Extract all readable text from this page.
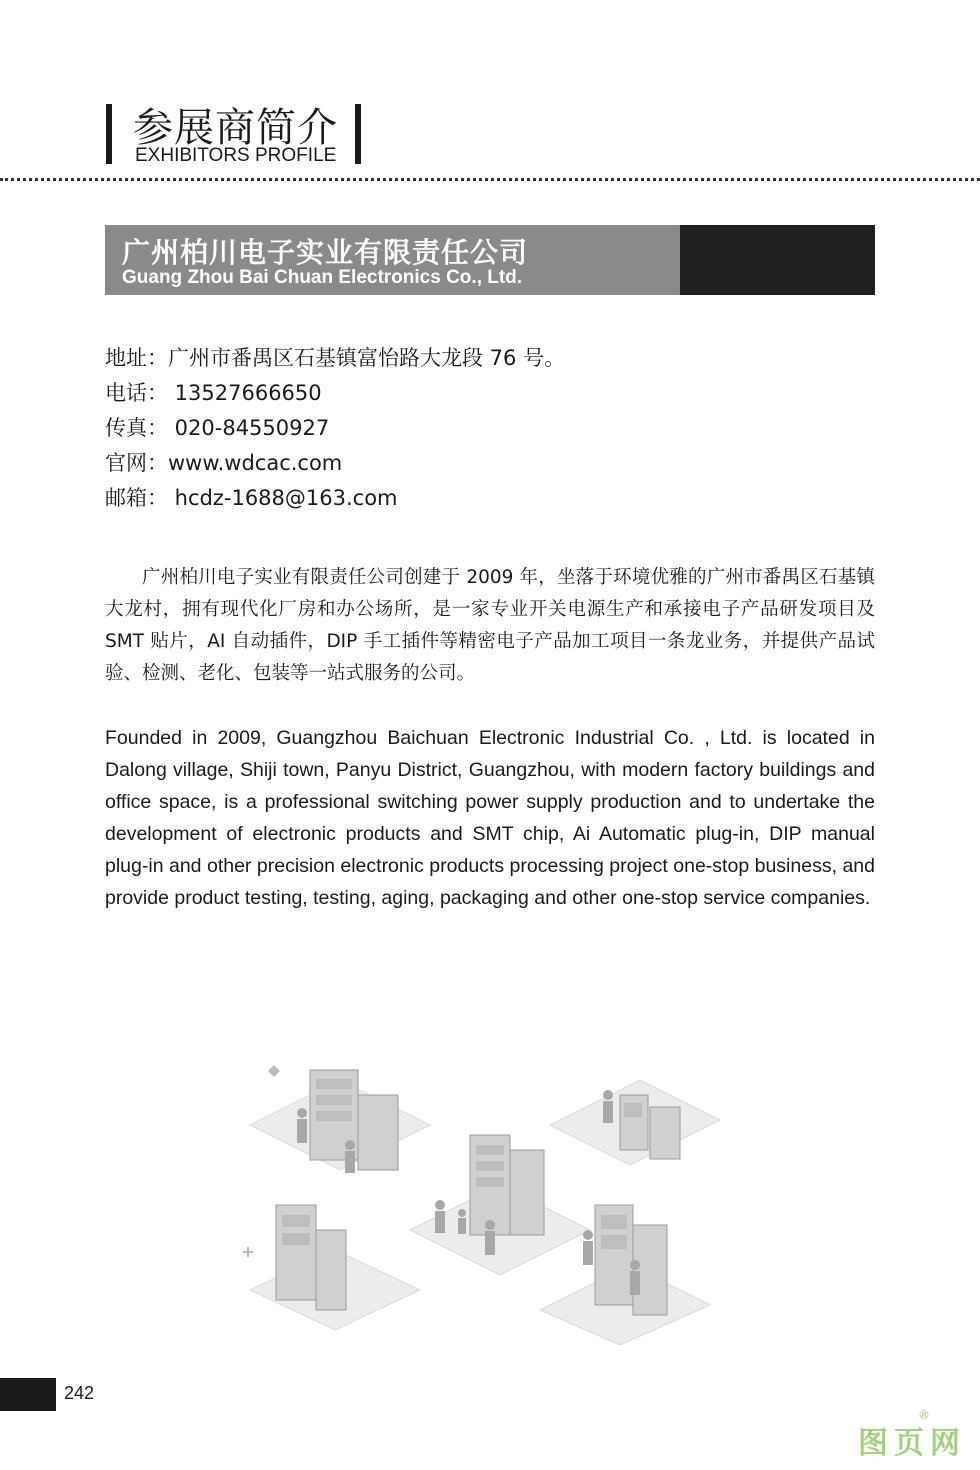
参展商简介
EXHIBITORS PROFILE
广州柏川电子实业有限责任公司
Guang Zhou Bai Chuan Electronics Co., Ltd.
地址：广州市番禺区石基镇富怡路大龙段 76 号。
电话： 13527666650
传真： 020-84550927
官网：www.wdcac.com
邮箱： hcdz-1688@163.com
广州柏川电子实业有限责任公司创建于 2009 年，坐落于环境优雅的广州市番禺区石基镇大龙村，拥有现代化厂房和办公场所，是一家专业开关电源生产和承接电子产品研发项目及 SMT 贴片，AI 自动插件，DIP 手工插件等精密电子产品加工项目一条龙业务，并提供产品试验、检测、老化、包装等一站式服务的公司。
Founded in 2009, Guangzhou Baichuan Electronic Industrial Co. , Ltd. is located in Dalong village, Shiji town, Panyu District, Guangzhou, with modern factory buildings and office space, is a professional switching power supply production and to undertake the development of electronic products and SMT chip, Ai Automatic plug-in, DIP manual plug-in and other precision electronic products processing project one-stop business, and provide product testing, testing, aging, packaging and other one-stop service companies.
242
图页网
®
